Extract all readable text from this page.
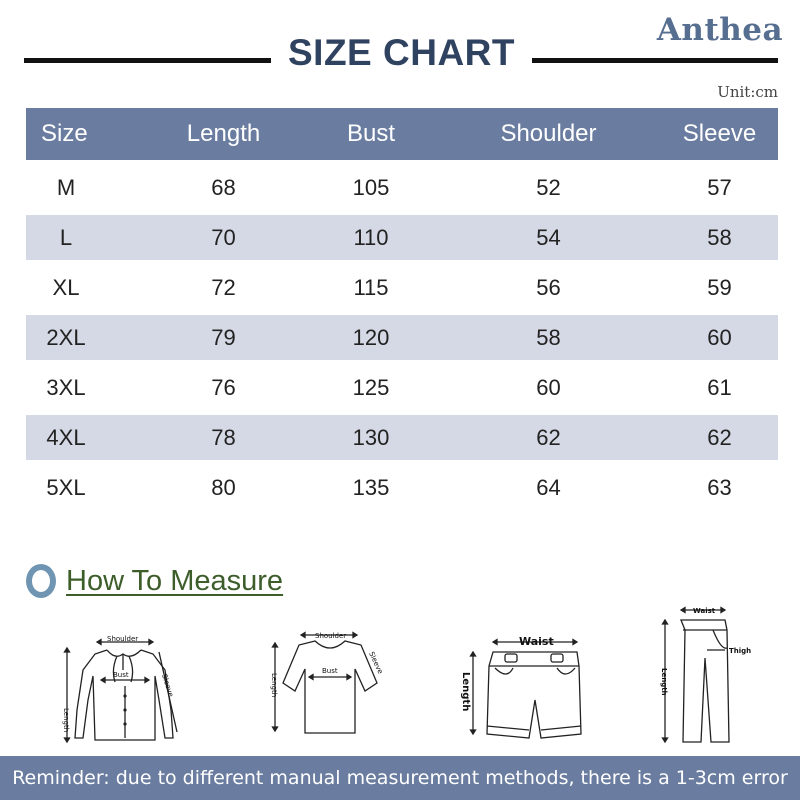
Anthea
SIZE CHART
Unit:cm
Size	Length	Bust	Shoulder	Sleeve
M	68	105	52	57
L	70	110	54	58
XL	72	115	56	59
2XL	79	120	58	60
3XL	76	125	60	61
4XL	78	130	62	62
5XL	80	135	64	63
How To Measure
Shoulder
Bust
Length
Sleeve
Shoulder
Bust
Length
Sleeve
Waist
Length
Waist
Thigh
Length
Reminder: due to different manual measurement methods, there is a 1-3cm error
